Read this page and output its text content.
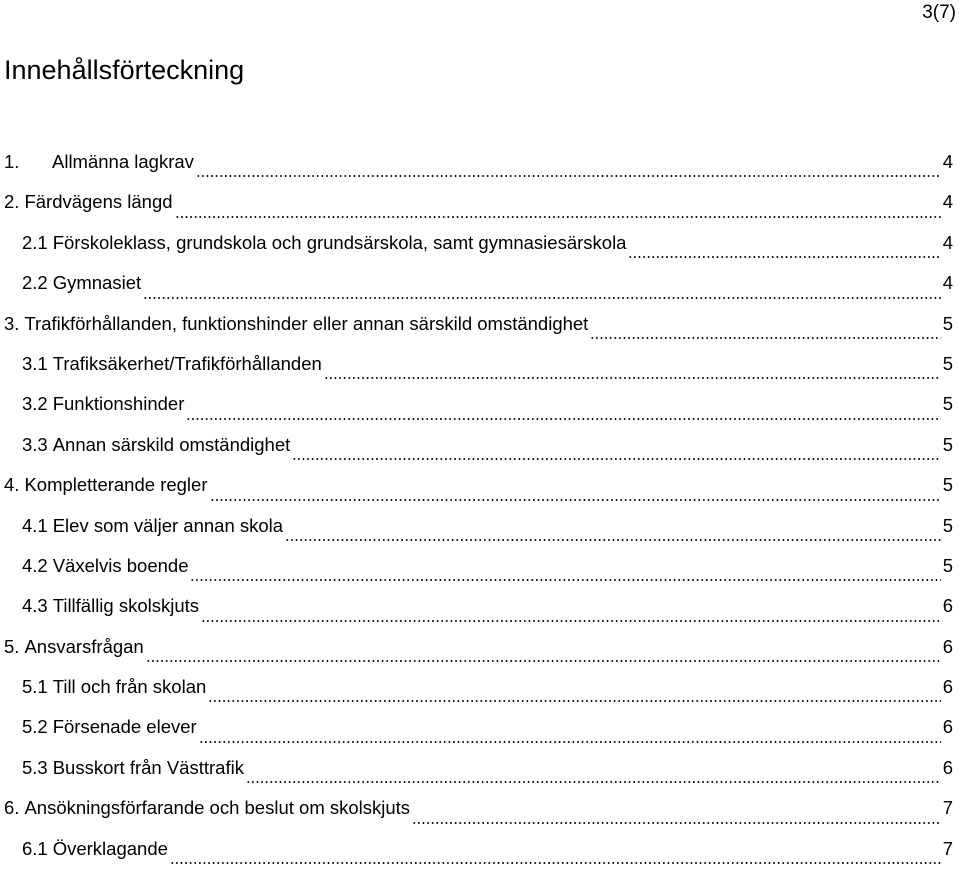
3(7)
Innehållsförteckning
1.	Allmänna lagkrav	4
2. Färdvägens längd	4
2.1 Förskoleklass, grundskola och grundsärskola, samt gymnasiesärskola	4
2.2 Gymnasiet	4
3. Trafikförhållanden, funktionshinder eller annan särskild omständighet	5
3.1 Trafiksäkerhet/Trafikförhållanden	5
3.2 Funktionshinder	5
3.3 Annan särskild omständighet	5
4. Kompletterande regler	5
4.1 Elev som väljer annan skola	5
4.2 Växelvis boende	5
4.3 Tillfällig skolskjuts	6
5. Ansvarsfrågan	6
5.1 Till och från skolan	6
5.2 Försenade elever	6
5.3 Busskort från Västtrafik	6
6. Ansökningsförfarande och beslut om skolskjuts	7
6.1 Överklagande	7
